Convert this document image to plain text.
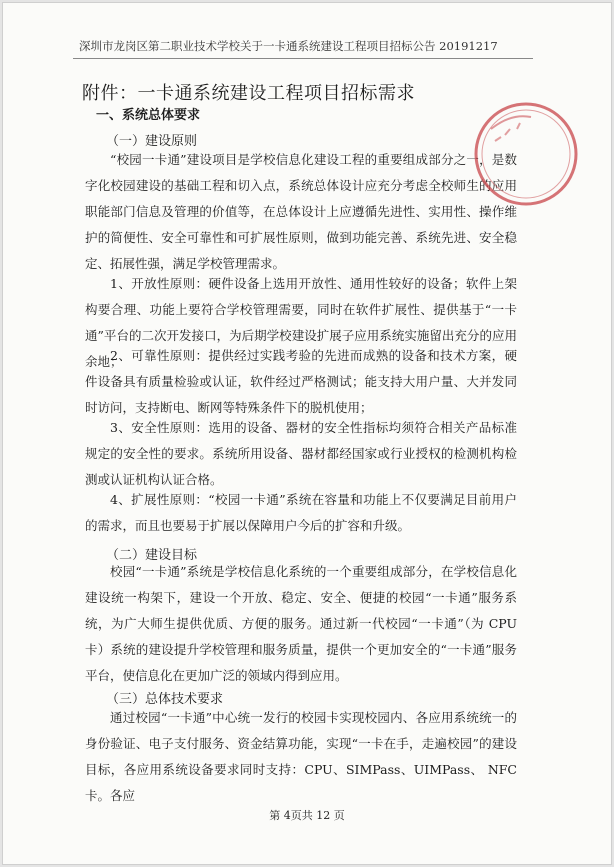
深圳市龙岗区第二职业技术学校关于一卡通系统建设工程项目招标公告 20191217
附件：一卡通系统建设工程项目招标需求
一、系统总体要求
（一）建设原则
“校园一卡通”建设项目是学校信息化建设工程的重要组成部分之一，是数字化校园建设的基础工程和切入点，系统总体设计应充分考虑全校师生的应用职能部门信息及管理的价值等，在总体设计上应遵循先进性、实用性、操作维护的简便性、安全可靠性和可扩展性原则，做到功能完善、系统先进、安全稳定、拓展性强，满足学校管理需求。
1、开放性原则：硬件设备上选用开放性、通用性较好的设备；软件上架构要合理、功能上要符合学校管理需要，同时在软件扩展性、提供基于“一卡通”平台的二次开发接口，为后期学校建设扩展子应用系统实施留出充分的应用余地；
2、可靠性原则：提供经过实践考验的先进而成熟的设备和技术方案，硬件设备具有质量检验或认证，软件经过严格测试；能支持大用户量、大并发同时访问，支持断电、断网等特殊条件下的脱机使用；
3、安全性原则：选用的设备、器材的安全性指标均须符合相关产品标准规定的安全性的要求。系统所用设备、器材都经国家或行业授权的检测机构检测或认证机构认证合格。
4、扩展性原则：“校园一卡通”系统在容量和功能上不仅要满足目前用户的需求，而且也要易于扩展以保障用户今后的扩容和升级。
（二）建设目标
校园“一卡通”系统是学校信息化系统的一个重要组成部分，在学校信息化建设统一构架下，建设一个开放、稳定、安全、便捷的校园“一卡通”服务系统，为广大师生提供优质、方便的服务。通过新一代校园“一卡通”（为 CPU 卡）系统的建设提升学校管理和服务质量，提供一个更加安全的“一卡通”服务平台，使信息化在更加广泛的领域内得到应用。
（三）总体技术要求
通过校园“一卡通”中心统一发行的校园卡实现校园内、各应用系统统一的身份验证、电子支付服务、资金结算功能，实现“一卡在手，走遍校园”的建设目标，各应用系统设备要求同时支持：CPU、SIMPass、UIMPass、 NFC 卡。各应
第 4页共 12 页
